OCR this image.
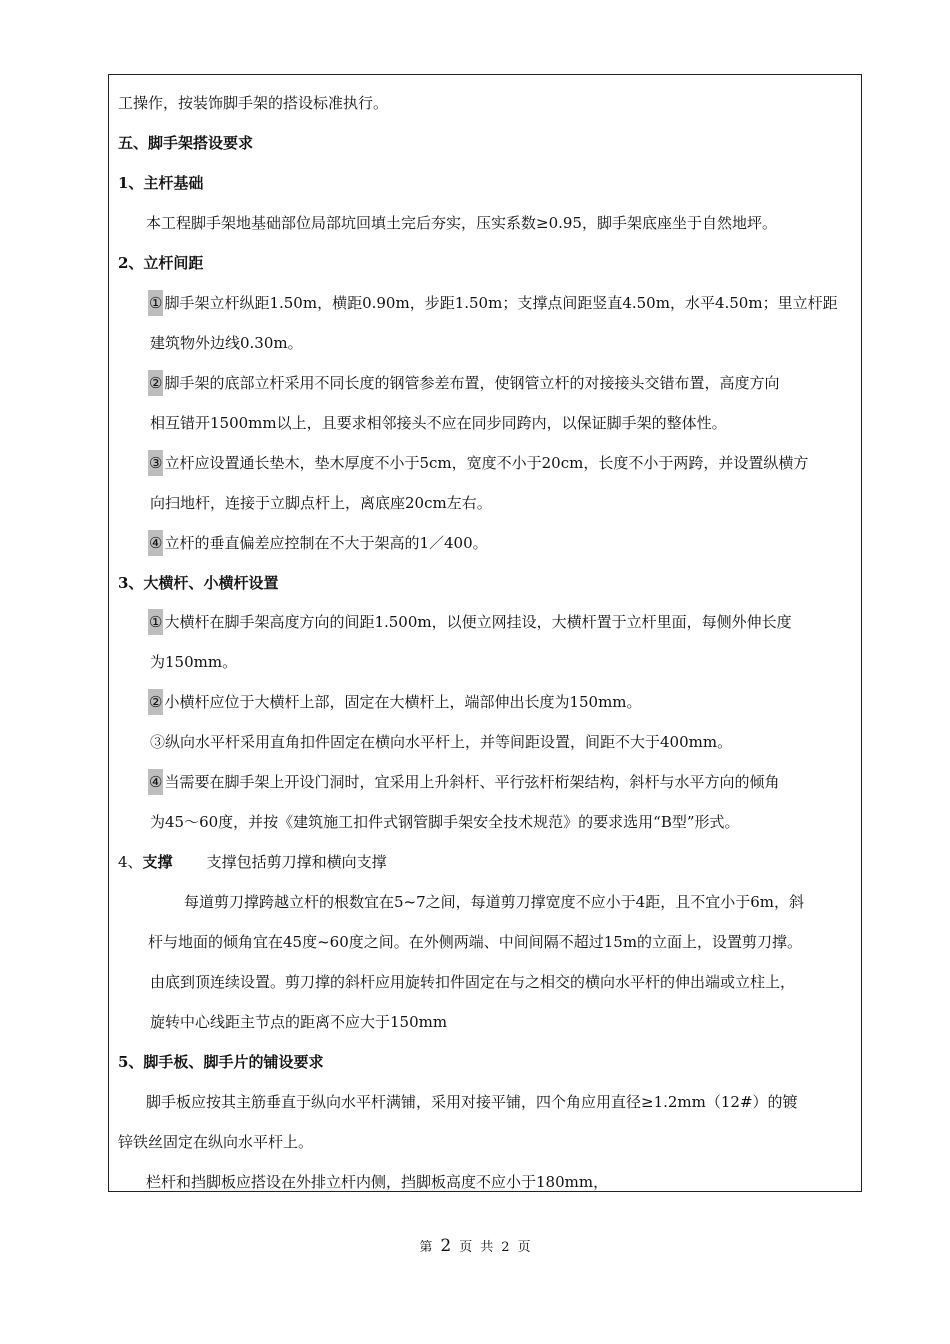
工操作，按装饰脚手架的搭设标准执行。
五、脚手架搭设要求
1、主杆基础
本工程脚手架地基础部位局部坑回填土完后夯实，压实系数≥0.95，脚手架底座坐于自然地坪。
2、立杆间距
① 脚手架立杆纵距1.50m，横距0.90m，步距1.50m；支撑点间距竖直4.50m，水平4.50m；里立杆距
建筑物外边线0.30m。
② 脚手架的底部立杆采用不同长度的钢管参差布置，使钢管立杆的对接接头交错布置，高度方向
相互错开1500mm以上，且要求相邻接头不应在同步同跨内，以保证脚手架的整体性。
③ 立杆应设置通长垫木，垫木厚度不小于5cm，宽度不小于20cm，长度不小于两跨，并设置纵横方
向扫地杆，连接于立脚点杆上，离底座20cm左右。
④ 立杆的垂直偏差应控制在不大于架高的1／400。
3、大横杆、小横杆设置
① 大横杆在脚手架高度方向的间距1.500m，以便立网挂设，大横杆置于立杆里面，每侧外伸长度
为150mm。
② 小横杆应位于大横杆上部，固定在大横杆上，端部伸出长度为150mm。
③纵向水平杆采用直角扣件固定在横向水平杆上，并等间距设置，间距不大于400mm。
④ 当需要在脚手架上开设门洞时，宜采用上升斜杆、平行弦杆桁架结构，斜杆与水平方向的倾角
为45～60度，并按《建筑施工扣件式钢管脚手架安全技术规范》的要求选用“B型”形式。
4、支撑 支撑包括剪刀撑和横向支撑
每道剪刀撑跨越立杆的根数宜在5~7之间，每道剪刀撑宽度不应小于4距，且不宜小于6m，斜
杆与地面的倾角宜在45度~60度之间。在外侧两端、中间间隔不超过15m的立面上，设置剪刀撑。
由底到顶连续设置。剪刀撑的斜杆应用旋转扣件固定在与之相交的横向水平杆的伸出端或立柱上，
旋转中心线距主节点的距离不应大于150mm
5、脚手板、脚手片的铺设要求
脚手板应按其主筋垂直于纵向水平杆满铺，采用对接平铺，四个角应用直径≥1.2mm（12#）的镀
锌铁丝固定在纵向水平杆上。
栏杆和挡脚板应搭设在外排立杆内侧，挡脚板高度不应小于180mm，
第 2 页 共 2 页
